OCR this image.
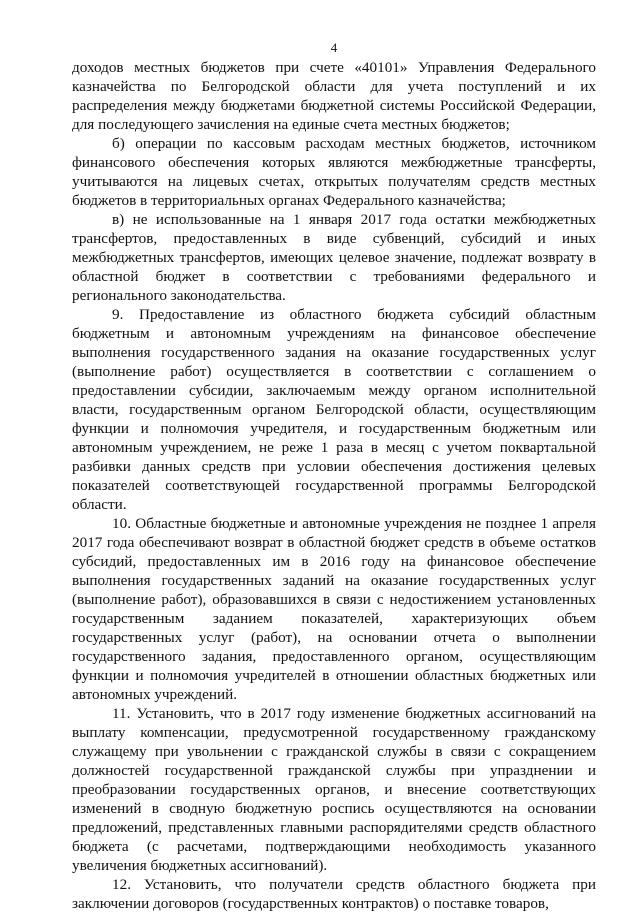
4

доходов местных бюджетов при счете «40101» Управления Федерального казначейства по Белгородской области для учета поступлений и их распределения между бюджетами бюджетной системы Российской Федерации, для последующего зачисления на единые счета местных бюджетов;

б) операции по кассовым расходам местных бюджетов, источником финансового обеспечения которых являются межбюджетные трансферты, учитываются на лицевых счетах, открытых получателям средств местных бюджетов в территориальных органах Федерального казначейства;

в) не использованные на 1 января 2017 года остатки межбюджетных трансфертов, предоставленных в виде субвенций, субсидий и иных межбюджетных трансфертов, имеющих целевое значение, подлежат возврату в областной бюджет в соответствии с требованиями федерального и регионального законодательства.

9. Предоставление из областного бюджета субсидий областным бюджетным и автономным учреждениям на финансовое обеспечение выполнения государственного задания на оказание государственных услуг (выполнение работ) осуществляется в соответствии с соглашением о предоставлении субсидии, заключаемым между органом исполнительной власти, государственным органом Белгородской области, осуществляющим функции и полномочия учредителя, и государственным бюджетным или автономным учреждением, не реже 1 раза в месяц с учетом поквартальной разбивки данных средств при условии обеспечения достижения целевых показателей соответствующей государственной программы Белгородской области.

10. Областные бюджетные и автономные учреждения не позднее 1 апреля 2017 года обеспечивают возврат в областной бюджет средств в объеме остатков субсидий, предоставленных им в 2016 году на финансовое обеспечение выполнения государственных заданий на оказание государственных услуг (выполнение работ), образовавшихся в связи с недостижением установленных государственным заданием показателей, характеризующих объем государственных услуг (работ), на основании отчета о выполнении государственного задания, предоставленного органом, осуществляющим функции и полномочия учредителей в отношении областных бюджетных или автономных учреждений.

11. Установить, что в 2017 году изменение бюджетных ассигнований на выплату компенсации, предусмотренной государственному гражданскому служащему при увольнении с гражданской службы в связи с сокращением должностей государственной гражданской службы при упразднении и преобразовании государственных органов, и внесение соответствующих изменений в сводную бюджетную роспись осуществляются на основании предложений, представленных главными распорядителями средств областного бюджета (с расчетами, подтверждающими необходимость указанного увеличения бюджетных ассигнований).

12. Установить, что получатели средств областного бюджета при заключении договоров (государственных контрактов) о поставке товаров,
